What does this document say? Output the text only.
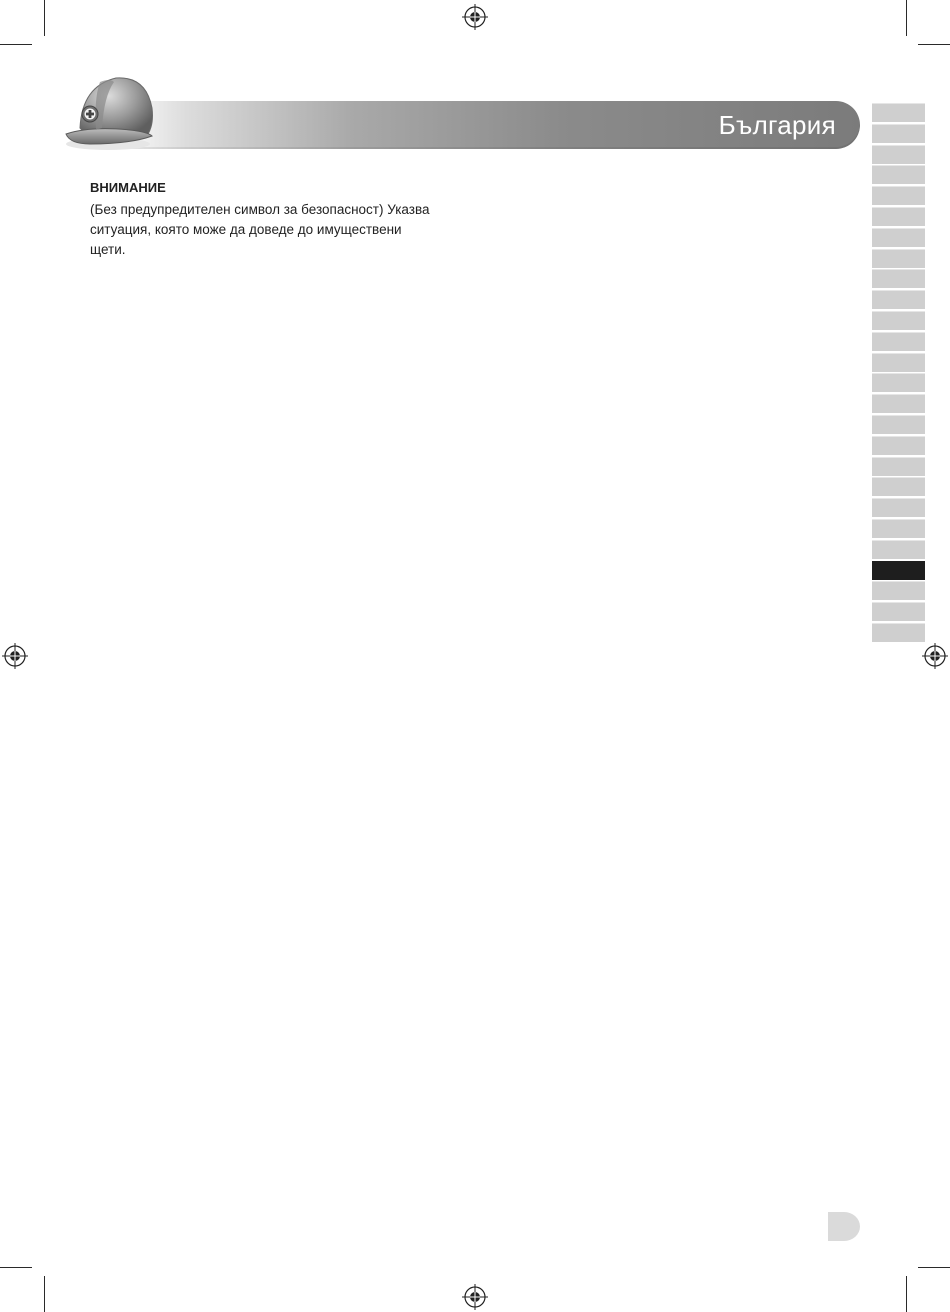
България
ВНИМАНИЕ

(Без предупредителен символ за безопасност) Указва
ситуация, която може да доведе до имуществени
щети.
